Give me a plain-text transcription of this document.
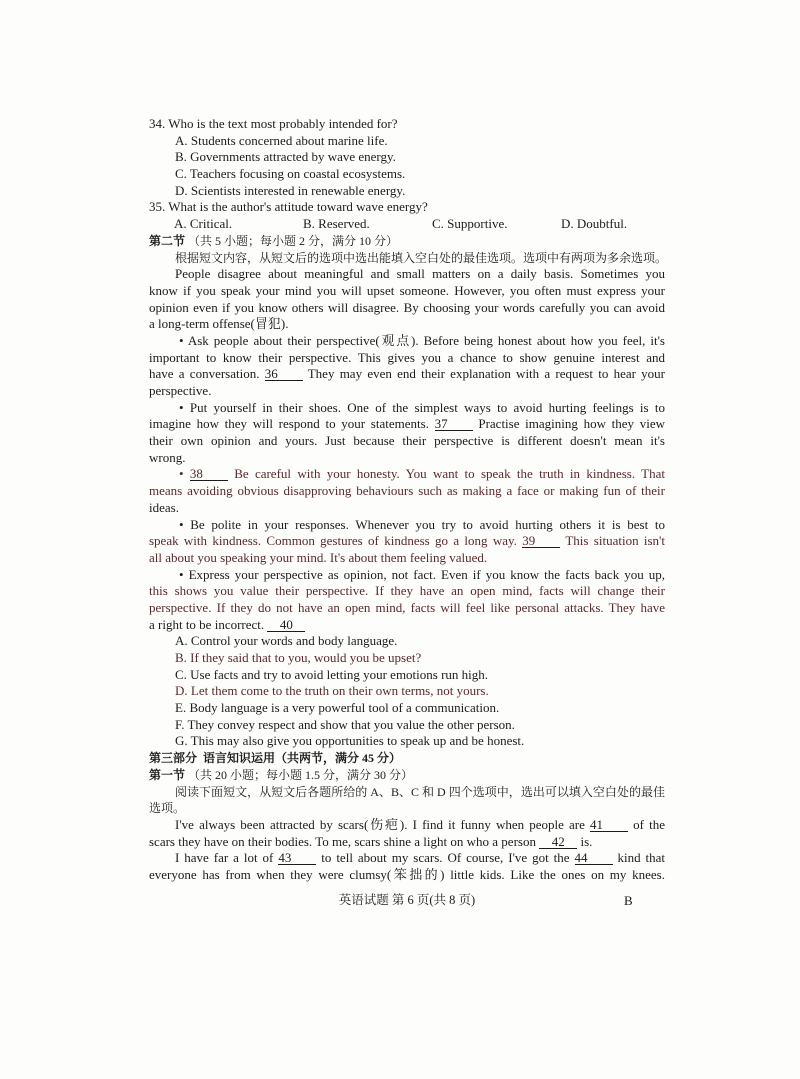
34. Who is the text most probably intended for?
A. Students concerned about marine life.
B. Governments attracted by wave energy.
C. Teachers focusing on coastal ecosystems.
D. Scientists interested in renewable energy.
35. What is the author's attitude toward wave energy?
A. Critical.	B. Reserved.	C. Supportive.	D. Doubtful.
第二节 （共 5 小题；每小题 2 分，满分 10 分）
根据短文内容，从短文后的选项中选出能填入空白处的最佳选项。选项中有两项为多余选项。
People disagree about meaningful and small matters on a daily basis. Sometimes you
know if you speak your mind you will upset someone. However, you often must express your
opinion even if you know others will disagree. By choosing your words carefully you can avoid
a long-term offense(冒犯).
• Ask people about their perspective(观点). Before being honest about how you feel, it's
important to know their perspective. This gives you a chance to show genuine interest and
have a conversation. 36 They may even end their explanation with a request to hear your
perspective.
• Put yourself in their shoes. One of the simplest ways to avoid hurting feelings is to
imagine how they will respond to your statements. 37 Practise imagining how they view
their own opinion and yours. Just because their perspective is different doesn't mean it's
wrong.
• 38 Be careful with your honesty. You want to speak the truth in kindness. That
means avoiding obvious disapproving behaviours such as making a face or making fun of their
ideas.
• Be polite in your responses. Whenever you try to avoid hurting others it is best to
speak with kindness. Common gestures of kindness go a long way. 39 This situation isn't
all about you speaking your mind. It's about them feeling valued.
• Express your perspective as opinion, not fact. Even if you know the facts back you up,
this shows you value their perspective. If they have an open mind, facts will change their
perspective. If they do not have an open mind, facts will feel like personal attacks. They have
a right to be incorrect. 40
A. Control your words and body language.
B. If they said that to you, would you be upset?
C. Use facts and try to avoid letting your emotions run high.
D. Let them come to the truth on their own terms, not yours.
E. Body language is a very powerful tool of a communication.
F. They convey respect and show that you value the other person.
G. This may also give you opportunities to speak up and be honest.
第三部分 语言知识运用（共两节，满分 45 分）
第一节 （共 20 小题；每小题 1.5 分，满分 30 分）
阅读下面短文，从短文后各题所给的 A、B、C 和 D 四个选项中，选出可以填入空白处的最佳
选项。
I've always been attracted by scars(伤疤). I find it funny when people are 41 of the
scars they have on their bodies. To me, scars shine a light on who a person 42 is.
I have far a lot of 43 to tell about my scars. Of course, I've got the 44 kind that
everyone has from when they were clumsy(笨拙的) little kids. Like the ones on my knees.
英语试题 第 6 页(共 8 页)	B
